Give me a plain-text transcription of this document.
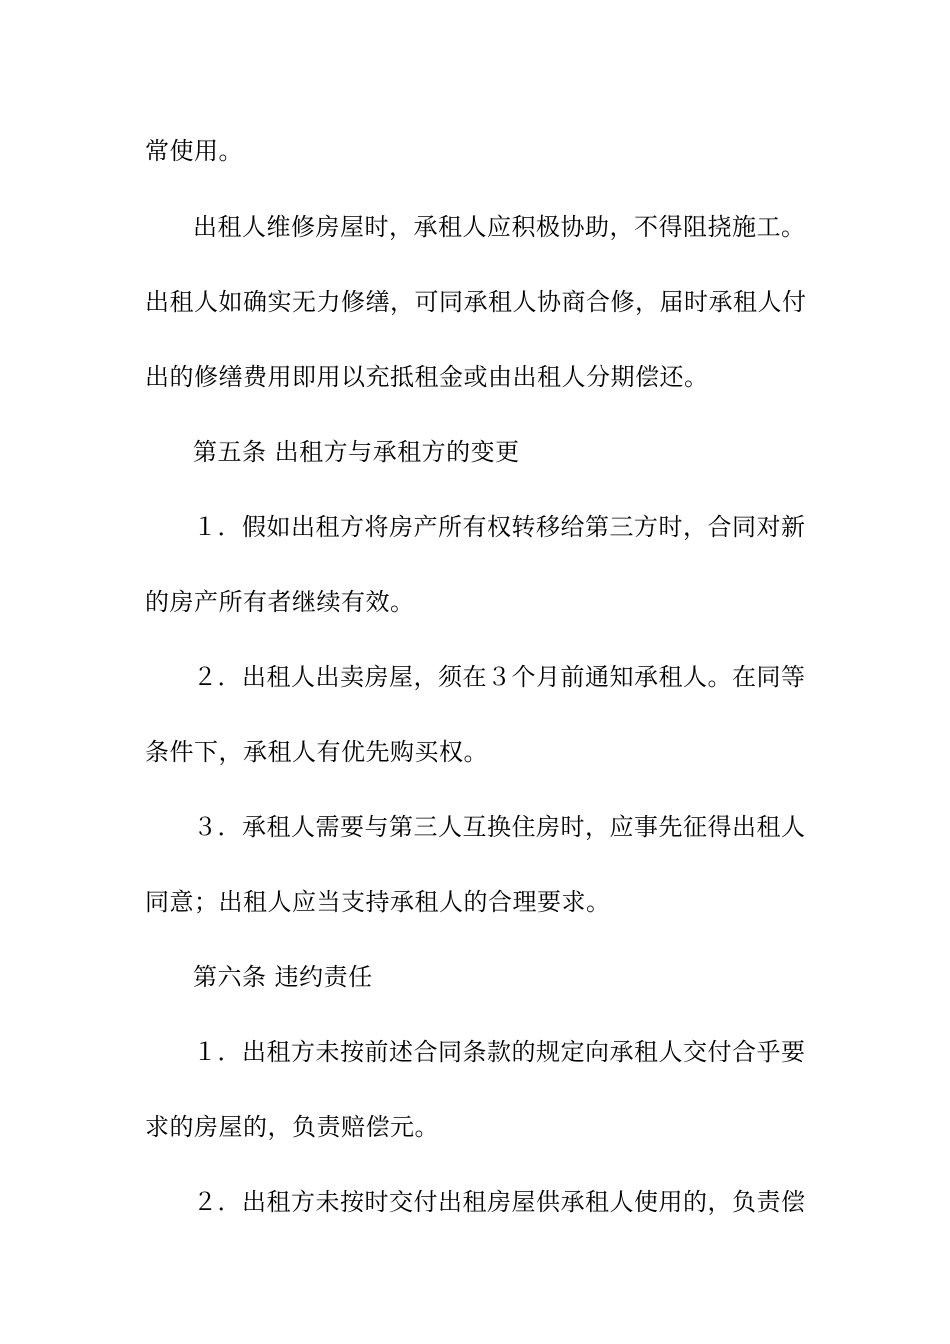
常使用。
出租人维修房屋时，承租人应积极协助，不得阻挠施工。
出租人如确实无力修缮，可同承租人协商合修，届时承租人付
出的修缮费用即用以充抵租金或由出租人分期偿还。
第五条 出租方与承租方的变更
１．假如出租方将房产所有权转移给第三方时，合同对新
的房产所有者继续有效。
２．出租人出卖房屋，须在３个月前通知承租人。在同等
条件下，承租人有优先购买权。
３．承租人需要与第三人互换住房时，应事先征得出租人
同意；出租人应当支持承租人的合理要求。
第六条 违约责任
１．出租方未按前述合同条款的规定向承租人交付合乎要
求的房屋的，负责赔偿元。
２．出租方未按时交付出租房屋供承租人使用的，负责偿
